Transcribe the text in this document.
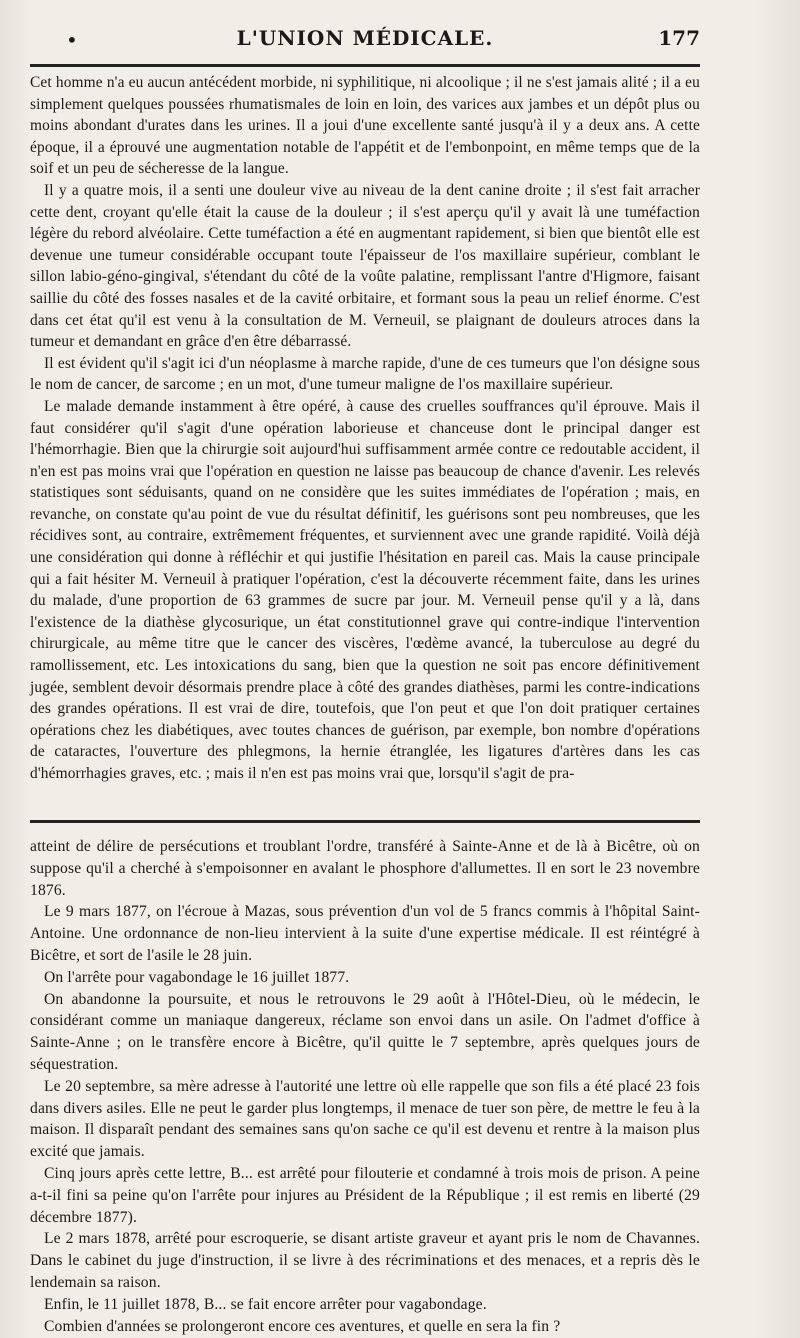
•	L'UNION MÉDICALE.	177

Cet homme n'a eu aucun antécédent morbide, ni syphilitique, ni alcoolique ; il ne s'est jamais alité ; il a eu simplement quelques poussées rhumatismales de loin en loin, des varices aux jambes et un dépôt plus ou moins abondant d'urates dans les urines. Il a joui d'une excellente santé jusqu'à il y a deux ans. A cette époque, il a éprouvé une augmentation notable de l'appétit et de l'embonpoint, en même temps que de la soif et un peu de sécheresse de la langue.

Il y a quatre mois, il a senti une douleur vive au niveau de la dent canine droite ; il s'est fait arracher cette dent, croyant qu'elle était la cause de la douleur ; il s'est aperçu qu'il y avait là une tuméfaction légère du rebord alvéolaire. Cette tuméfaction a été en augmentant rapidement, si bien que bientôt elle est devenue une tumeur considérable occupant toute l'épaisseur de l'os maxillaire supérieur, comblant le sillon labio-géno-gingival, s'étendant du côté de la voûte palatine, remplissant l'antre d'Higmore, faisant saillie du côté des fosses nasales et de la cavité orbitaire, et formant sous la peau un relief énorme. C'est dans cet état qu'il est venu à la consultation de M. Verneuil, se plaignant de douleurs atroces dans la tumeur et demandant en grâce d'en être débarrassé.

Il est évident qu'il s'agit ici d'un néoplasme à marche rapide, d'une de ces tumeurs que l'on désigne sous le nom de cancer, de sarcome ; en un mot, d'une tumeur maligne de l'os maxillaire supérieur.

Le malade demande instamment à être opéré, à cause des cruelles souffrances qu'il éprouve. Mais il faut considérer qu'il s'agit d'une opération laborieuse et chanceuse dont le principal danger est l'hémorrhagie. Bien que la chirurgie soit aujourd'hui suffisamment armée contre ce redoutable accident, il n'en est pas moins vrai que l'opération en question ne laisse pas beaucoup de chance d'avenir. Les relevés statistiques sont séduisants, quand on ne considère que les suites immédiates de l'opération ; mais, en revanche, on constate qu'au point de vue du résultat définitif, les guérisons sont peu nombreuses, que les récidives sont, au contraire, extrêmement fréquentes, et surviennent avec une grande rapidité. Voilà déjà une considération qui donne à réfléchir et qui justifie l'hésitation en pareil cas. Mais la cause principale qui a fait hésiter M. Verneuil à pratiquer l'opération, c'est la découverte récemment faite, dans les urines du malade, d'une proportion de 63 grammes de sucre par jour. M. Verneuil pense qu'il y a là, dans l'existence de la diathèse glycosurique, un état constitutionnel grave qui contre-indique l'intervention chirurgicale, au même titre que le cancer des viscères, l'œdème avancé, la tuberculose au degré du ramollissement, etc. Les intoxications du sang, bien que la question ne soit pas encore définitivement jugée, semblent devoir désormais prendre place à côté des grandes diathèses, parmi les contre-indications des grandes opérations. Il est vrai de dire, toutefois, que l'on peut et que l'on doit pratiquer certaines opérations chez les diabétiques, avec toutes chances de guérison, par exemple, bon nombre d'opérations de cataractes, l'ouverture des phlegmons, la hernie étranglée, les ligatures d'artères dans les cas d'hémorrhagies graves, etc. ; mais il n'en est pas moins vrai que, lorsqu'il s'agit de pra-

atteint de délire de persécutions et troublant l'ordre, transféré à Sainte-Anne et de là à Bicêtre, où on suppose qu'il a cherché à s'empoisonner en avalant le phosphore d'allumettes. Il en sort le 23 novembre 1876.

Le 9 mars 1877, on l'écroue à Mazas, sous prévention d'un vol de 5 francs commis à l'hôpital Saint-Antoine. Une ordonnance de non-lieu intervient à la suite d'une expertise médicale. Il est réintégré à Bicêtre, et sort de l'asile le 28 juin.

On l'arrête pour vagabondage le 16 juillet 1877.

On abandonne la poursuite, et nous le retrouvons le 29 août à l'Hôtel-Dieu, où le médecin, le considérant comme un maniaque dangereux, réclame son envoi dans un asile. On l'admet d'office à Sainte-Anne ; on le transfère encore à Bicêtre, qu'il quitte le 7 septembre, après quelques jours de séquestration.

Le 20 septembre, sa mère adresse à l'autorité une lettre où elle rappelle que son fils a été placé 23 fois dans divers asiles. Elle ne peut le garder plus longtemps, il menace de tuer son père, de mettre le feu à la maison. Il disparaît pendant des semaines sans qu'on sache ce qu'il est devenu et rentre à la maison plus excité que jamais.

Cinq jours après cette lettre, B... est arrêté pour filouterie et condamné à trois mois de prison. A peine a-t-il fini sa peine qu'on l'arrête pour injures au Président de la République ; il est remis en liberté (29 décembre 1877).

Le 2 mars 1878, arrêté pour escroquerie, se disant artiste graveur et ayant pris le nom de Chavannes. Dans le cabinet du juge d'instruction, il se livre à des récriminations et des menaces, et a repris dès le lendemain sa raison.

Enfin, le 11 juillet 1878, B... se fait encore arrêter pour vagabondage.

Combien d'années se prolongeront encore ces aventures, et quelle en sera la fin ?
